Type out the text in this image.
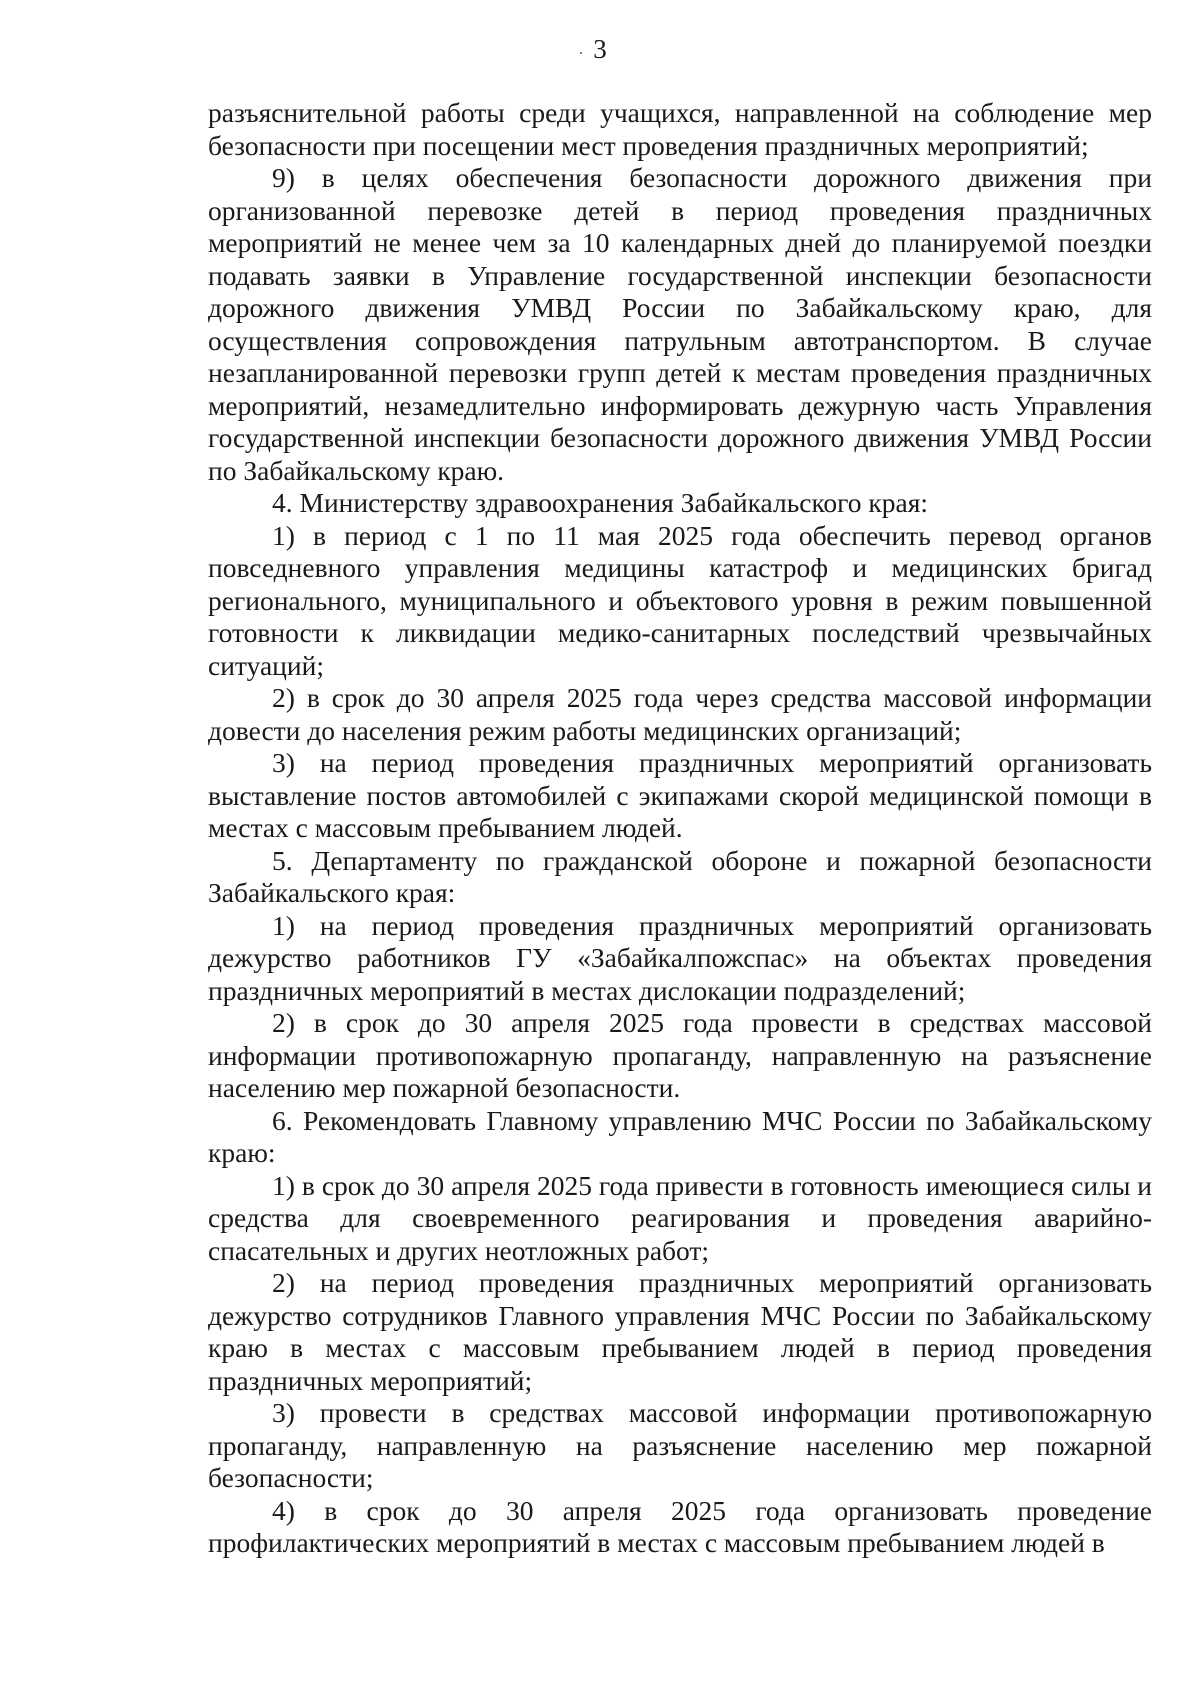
3

разъяснительной работы среди учащихся, направленной на соблюдение мер безопасности при посещении мест проведения праздничных мероприятий;

9) в целях обеспечения безопасности дорожного движения при организованной перевозке детей в период проведения праздничных мероприятий не менее чем за 10 календарных дней до планируемой поездки подавать заявки в Управление государственной инспекции безопасности дорожного движения УМВД России по Забайкальскому краю, для осуществления сопровождения патрульным автотранспортом. В случае незапланированной перевозки групп детей к местам проведения праздничных мероприятий, незамедлительно информировать дежурную часть Управления государственной инспекции безопасности дорожного движения УМВД России по Забайкальскому краю.

4. Министерству здравоохранения Забайкальского края:

1) в период с 1 по 11 мая 2025 года обеспечить перевод органов повседневного управления медицины катастроф и медицинских бригад регионального, муниципального и объектового уровня в режим повышенной готовности к ликвидации медико-санитарных последствий чрезвычайных ситуаций;

2) в срок до 30 апреля 2025 года через средства массовой информации довести до населения режим работы медицинских организаций;

3) на период проведения праздничных мероприятий организовать выставление постов автомобилей с экипажами скорой медицинской помощи в местах с массовым пребыванием людей.

5. Департаменту по гражданской обороне и пожарной безопасности Забайкальского края:

1) на период проведения праздничных мероприятий организовать дежурство работников ГУ «Забайкалпожспас» на объектах проведения праздничных мероприятий в местах дислокации подразделений;

2) в срок до 30 апреля 2025 года провести в средствах массовой информации противопожарную пропаганду, направленную на разъяснение населению мер пожарной безопасности.

6. Рекомендовать Главному управлению МЧС России по Забайкальскому краю:

1) в срок до 30 апреля 2025 года привести в готовность имеющиеся силы и средства для своевременного реагирования и проведения аварийно-спасательных и других неотложных работ;

2) на период проведения праздничных мероприятий организовать дежурство сотрудников Главного управления МЧС России по Забайкальскому краю в местах с массовым пребыванием людей в период проведения праздничных мероприятий;

3) провести в средствах массовой информации противопожарную пропаганду, направленную на разъяснение населению мер пожарной безопасности;

4) в срок до 30 апреля 2025 года организовать проведение профилактических мероприятий в местах с массовым пребыванием людей в
